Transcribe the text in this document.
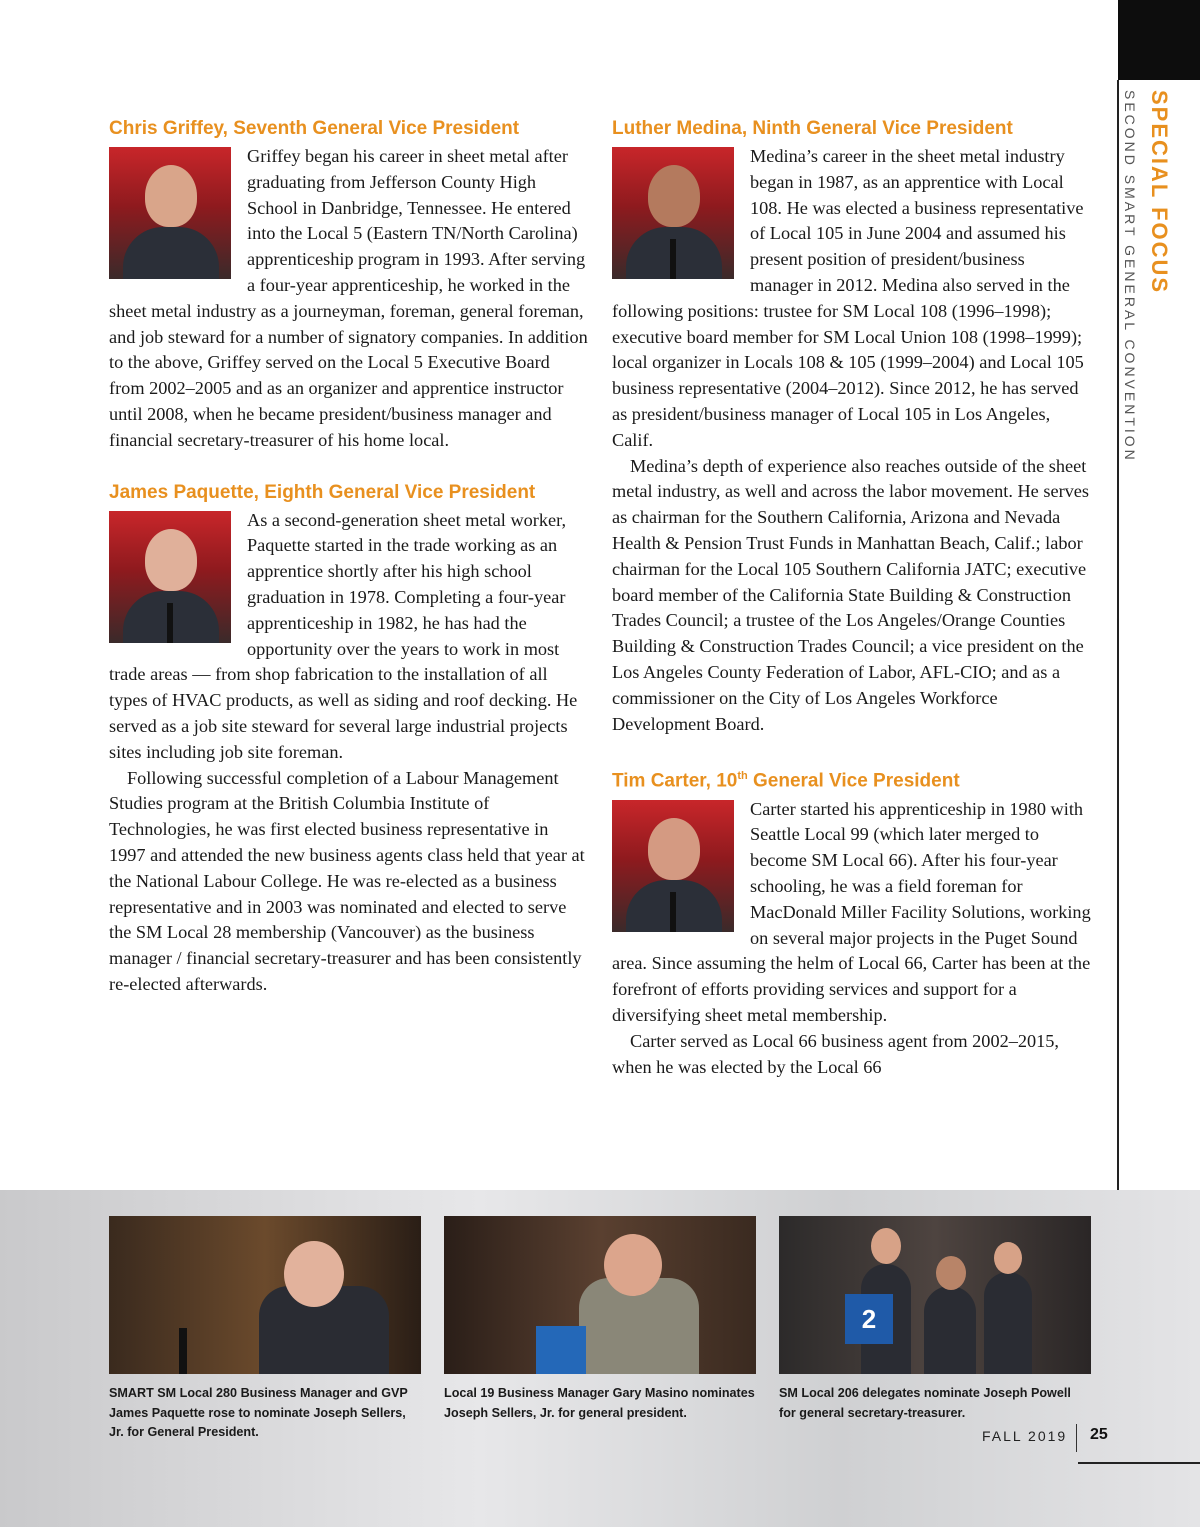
SPECIAL FOCUS
SECOND SMART GENERAL CONVENTION
Chris Griffey, Seventh General Vice President

Griffey began his career in sheet metal after graduating from Jefferson County High School in Danbridge, Tennessee. He entered into the Local 5 (Eastern TN/North Carolina) apprenticeship program in 1993. After serving a four-year apprenticeship, he worked in the sheet metal industry as a journeyman, foreman, general foreman, and job steward for a number of signatory companies. In addition to the above, Griffey served on the Local 5 Executive Board from 2002–2005 and as an organizer and apprentice instructor until 2008, when he became president/business manager and financial secretary-treasurer of his home local.

James Paquette, Eighth General Vice President

As a second-generation sheet metal worker, Paquette started in the trade working as an apprentice shortly after his high school graduation in 1978. Completing a four-year apprenticeship in 1982, he has had the opportunity over the years to work in most trade areas — from shop fabrication to the installation of all types of HVAC products, as well as siding and roof decking. He served as a job site steward for several large industrial projects sites including job site foreman.

Following successful completion of a Labour Management Studies program at the British Columbia Institute of Technologies, he was first elected business representative in 1997 and attended the new business agents class held that year at the National Labour College. He was re-elected as a business representative and in 2003 was nominated and elected to serve the SM Local 28 membership (Vancouver) as the business manager / financial secretary-treasurer and has been consistently re-elected afterwards.

Luther Medina, Ninth General Vice President

Medina’s career in the sheet metal industry began in 1987, as an apprentice with Local 108. He was elected a business representative of Local 105 in June 2004 and assumed his present position of president/business manager in 2012. Medina also served in the following positions: trustee for SM Local 108 (1996–1998); executive board member for SM Local Union 108 (1998–1999); local organizer in Locals 108 & 105 (1999–2004) and Local 105 business representative (2004–2012). Since 2012, he has served as president/business manager of Local 105 in Los Angeles, Calif.

Medina’s depth of experience also reaches outside of the sheet metal industry, as well and across the labor movement. He serves as chairman for the Southern California, Arizona and Nevada Health & Pension Trust Funds in Manhattan Beach, Calif.; labor chairman for the Local 105 Southern California JATC; executive board member of the California State Building & Construction Trades Council; a trustee of the Los Angeles/Orange Counties Building & Construction Trades Council; a vice president on the Los Angeles County Federation of Labor, AFL-CIO; and as a commissioner on the City of Los Angeles Workforce Development Board.

Tim Carter, 10th General Vice President

Carter started his apprenticeship in 1980 with Seattle Local 99 (which later merged to become SM Local 66). After his four-year schooling, he was a field foreman for MacDonald Miller Facility Solutions, working on several major projects in the Puget Sound area. Since assuming the helm of Local 66, Carter has been at the forefront of efforts providing services and support for a diversifying sheet metal membership.

Carter served as Local 66 business agent from 2002–2015, when he was elected by the Local 66

SMART SM Local 280 Business Manager and GVP James Paquette rose to nominate Joseph Sellers, Jr. for General President.
Local 19 Business Manager Gary Masino nominates Joseph Sellers, Jr. for general president.
2
SM Local 206 delegates nominate Joseph Powell for general secretary-treasurer.
FALL 2019 25
